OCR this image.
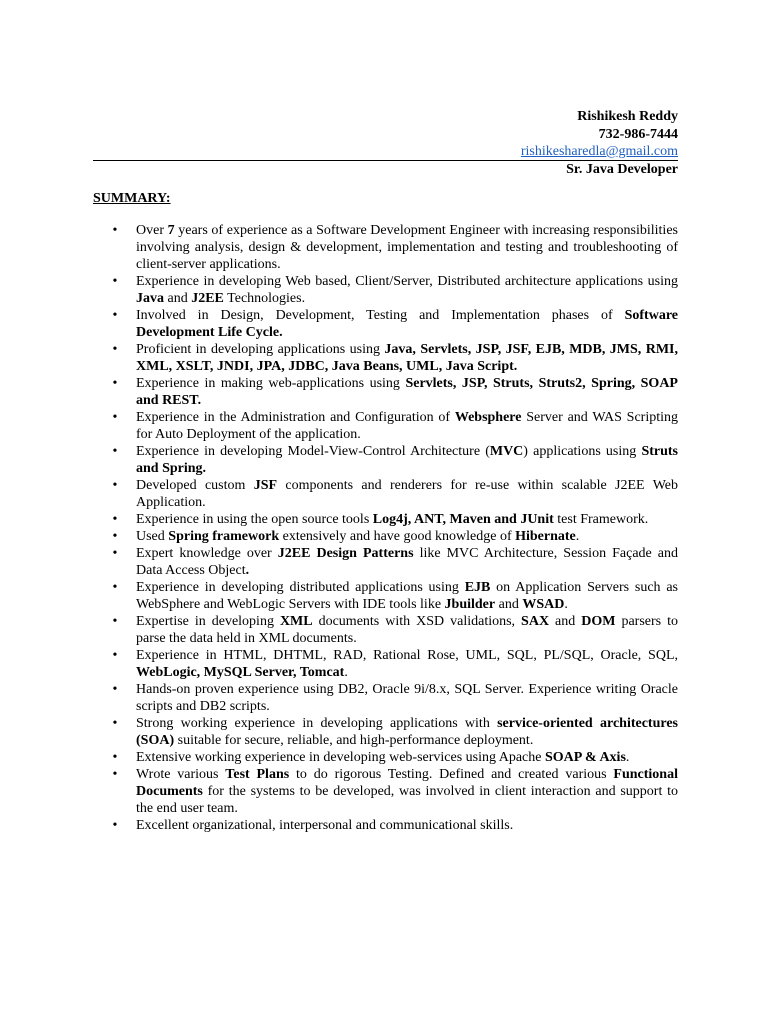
Rishikesh Reddy
732-986-7444
rishikesharedla@gmail.com
Sr. Java Developer
SUMMARY:
• Over 7 years of experience as a Software Development Engineer with increasing responsibilities involving analysis, design & development, implementation and testing and troubleshooting of client-server applications.
• Experience in developing Web based, Client/Server, Distributed architecture applications using Java and J2EE Technologies.
• Involved in Design, Development, Testing and Implementation phases of Software Development Life Cycle.
• Proficient in developing applications using Java, Servlets, JSP, JSF, EJB, MDB, JMS, RMI, XML, XSLT, JNDI, JPA, JDBC, Java Beans, UML, Java Script.
• Experience in making web-applications using Servlets, JSP, Struts, Struts2, Spring, SOAP and REST.
• Experience in the Administration and Configuration of Websphere Server and WAS Scripting for Auto Deployment of the application.
• Experience in developing Model-View-Control Architecture (MVC) applications using Struts and Spring.
• Developed custom JSF components and renderers for re-use within scalable J2EE Web Application.
• Experience in using the open source tools Log4j, ANT, Maven and JUnit test Framework.
• Used Spring framework extensively and have good knowledge of Hibernate.
• Expert knowledge over J2EE Design Patterns like MVC Architecture, Session Façade and Data Access Object.
• Experience in developing distributed applications using EJB on Application Servers such as WebSphere and WebLogic Servers with IDE tools like Jbuilder and WSAD.
• Expertise in developing XML documents with XSD validations, SAX and DOM parsers to parse the data held in XML documents.
• Experience in HTML, DHTML, RAD, Rational Rose, UML, SQL, PL/SQL, Oracle, SQL, WebLogic, MySQL Server, Tomcat.
• Hands-on proven experience using DB2, Oracle 9i/8.x, SQL Server. Experience writing Oracle scripts and DB2 scripts.
• Strong working experience in developing applications with service-oriented architectures (SOA) suitable for secure, reliable, and high-performance deployment.
• Extensive working experience in developing web-services using Apache SOAP & Axis.
• Wrote various Test Plans to do rigorous Testing. Defined and created various Functional Documents for the systems to be developed, was involved in client interaction and support to the end user team.
• Excellent organizational, interpersonal and communicational skills.
